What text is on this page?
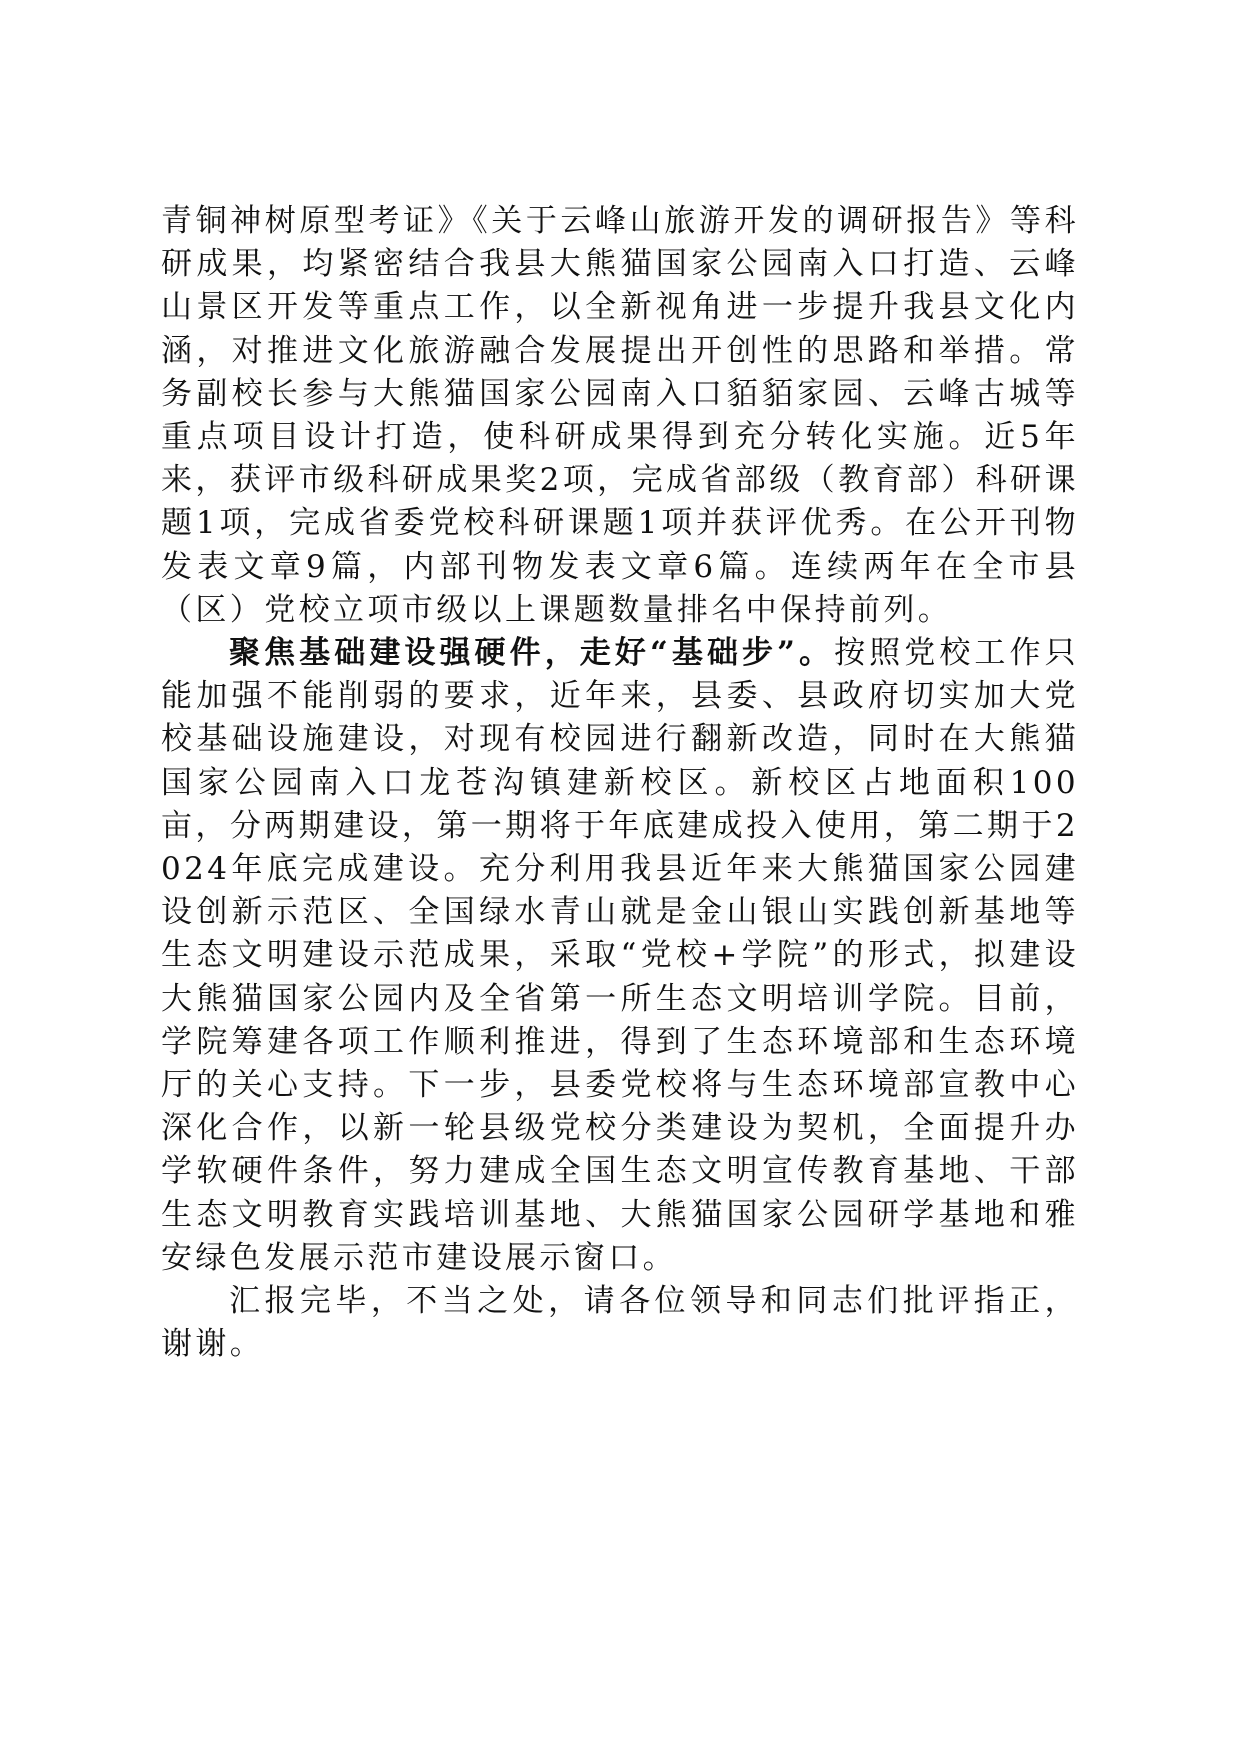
青铜神树原型考证》《关于云峰山旅游开发的调研报告》等科研成果，均紧密结合我县大熊猫国家公园南入口打造、云峰山景区开发等重点工作，以全新视角进一步提升我县文化内涵，对推进文化旅游融合发展提出开创性的思路和举措。常务副校长参与大熊猫国家公园南入口貊貊家园、云峰古城等重点项目设计打造，使科研成果得到充分转化实施。近5年来，获评市级科研成果奖2项，完成省部级（教育部）科研课题1项，完成省委党校科研课题1项并获评优秀。在公开刊物发表文章9篇，内部刊物发表文章6篇。连续两年在全市县（区）党校立项市级以上课题数量排名中保持前列。

聚焦基础建设强硬件，走好“基础步”。按照党校工作只能加强不能削弱的要求，近年来，县委、县政府切实加大党校基础设施建设，对现有校园进行翻新改造，同时在大熊猫国家公园南入口龙苍沟镇建新校区。新校区占地面积100亩，分两期建设，第一期将于年底建成投入使用，第二期于2024年底完成建设。充分利用我县近年来大熊猫国家公园建设创新示范区、全国绿水青山就是金山银山实践创新基地等生态文明建设示范成果，采取“党校+学院”的形式，拟建设大熊猫国家公园内及全省第一所生态文明培训学院。目前，学院筹建各项工作顺利推进，得到了生态环境部和生态环境厅的关心支持。下一步，县委党校将与生态环境部宣教中心深化合作，以新一轮县级党校分类建设为契机，全面提升办学软硬件条件，努力建成全国生态文明宣传教育基地、干部生态文明教育实践培训基地、大熊猫国家公园研学基地和雅安绿色发展示范市建设展示窗口。

汇报完毕，不当之处，请各位领导和同志们批评指正，谢谢。
